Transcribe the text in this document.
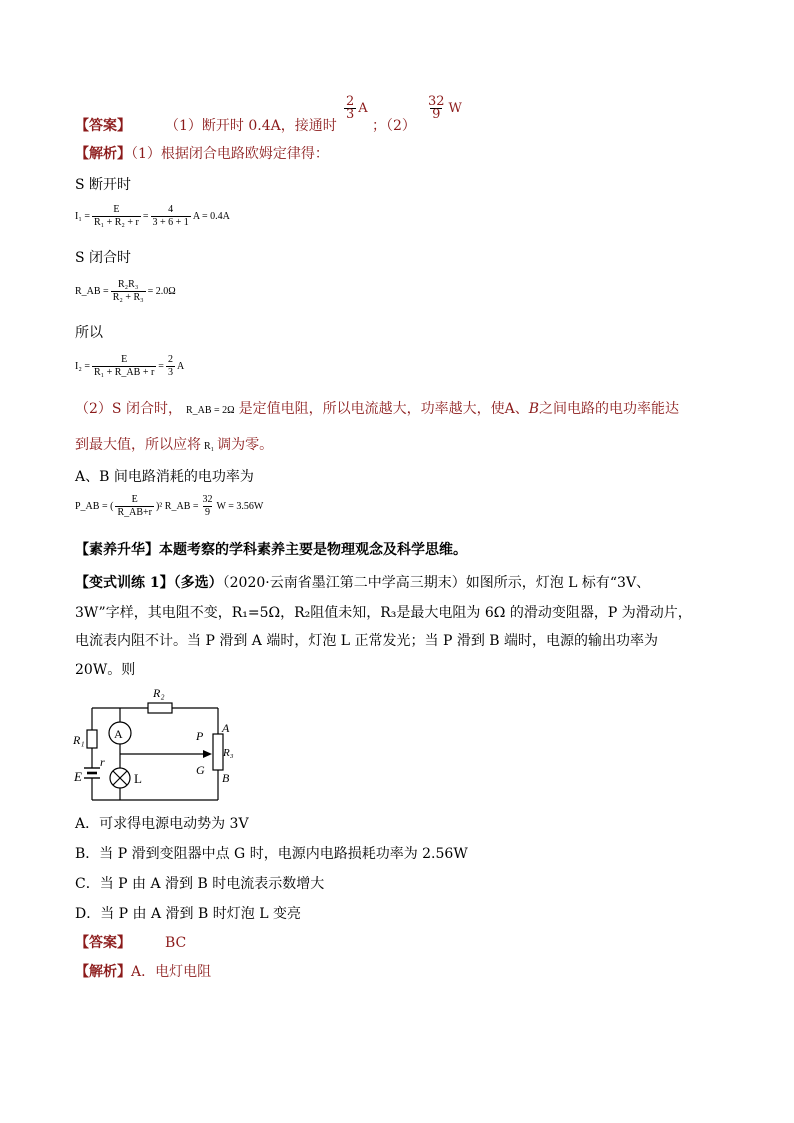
【答案】 （1）断开时 0.4A，接通时
$\frac{2}{3}$ A
；（2）
$\frac{32}{9}$ W
【解析】（1）根据闭合电路欧姆定律得：
S 断开时
$I_1 = \frac{E}{\text{R₁ + R₂ + r}} = \frac{4}{3 + 6 + 1}$ A = 0.4A
S 闭合时
R_AB = $\frac{\text{R₂R₃}}{\text{R₂ + R₃}} = 2.0\Omega$
所以
$I_2 = \frac{E}{\text{R₁ + R\_AB + r}} = \frac{2}{3}$ A
（2）S 闭合时， R_AB = 2Ω 是定值电阻，所以电流越大，功率越大，使A、B之间电路的电功率能达
到最大值，所以应将 R₁ 调为零。
A、B 间电路消耗的电功率为
P_AB = ( $\frac{E}{R\_AB+r} )^2$ R_AB = $\frac{32}{9}$ W = 3.56W
【素养升华】本题考察的学科素养主要是物理观念及科学思维。
【变式训练 1】（多选）（2020·云南省墨江第二中学高三期末）如图所示，灯泡 L 标有“3V、
3W”字样，其电阻不变，R₁=5Ω，R₂阻值未知，R₃是最大电阻为 6Ω 的滑动变阻器，P 为滑动片，
电流表内阻不计。当 P 滑到 A 端时，灯泡 L 正常发光；当 P 滑到 B 端时，电源的输出功率为
20W。则
R₂
R₁ A
E
r
L
P
G
A
R₃
B
A．可求得电源电动势为 3V
B．当 P 滑到变阻器中点 G 时，电源内电路损耗功率为 2.56W
C．当 P 由 A 滑到 B 时电流表示数增大
D．当 P 由 A 滑到 B 时灯泡 L 变亮
【答案】 BC
【解析】A．电灯电阻
